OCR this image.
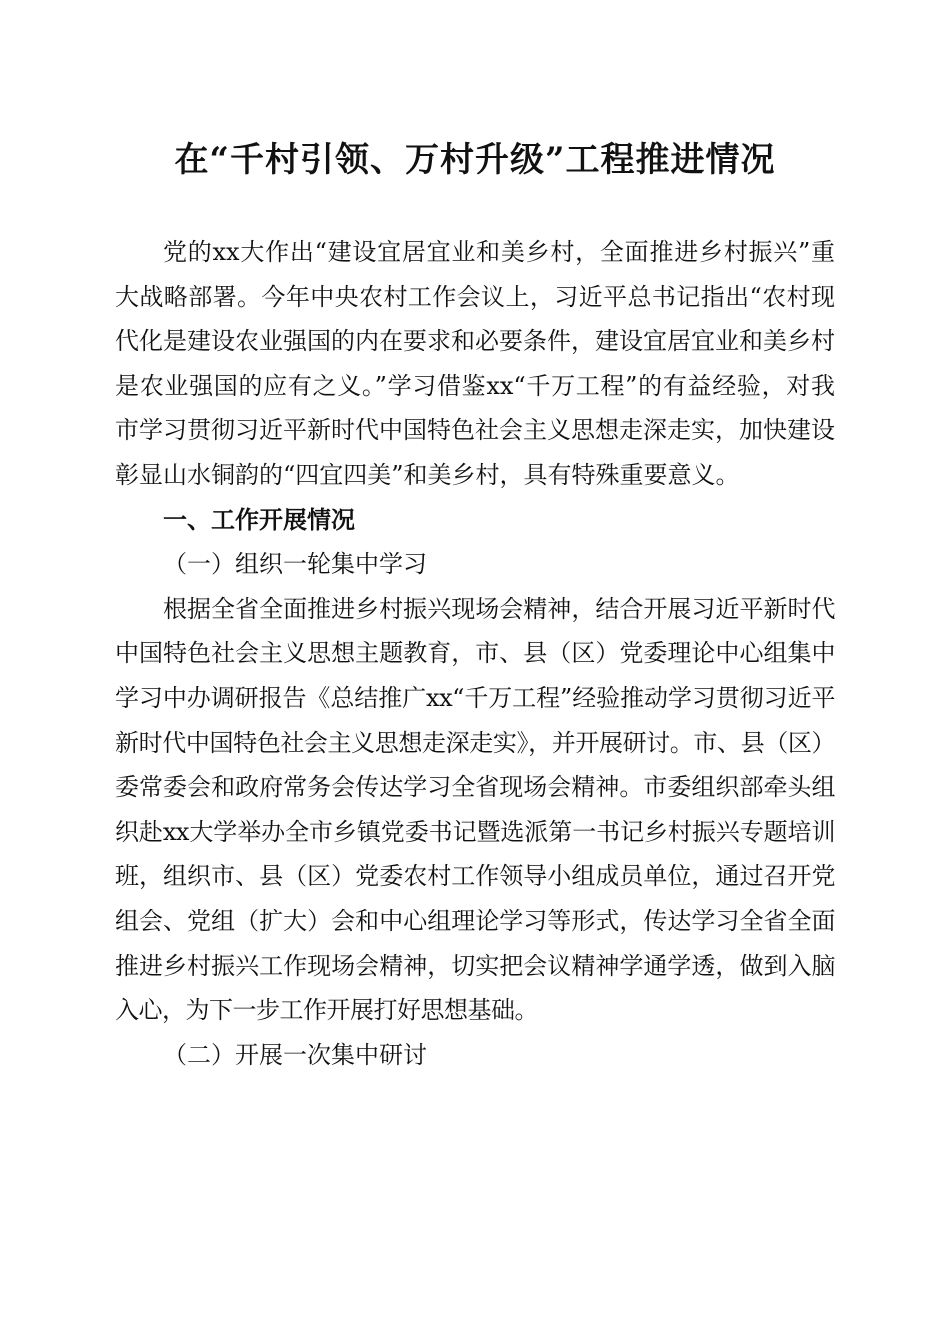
在“千村引领、万村升级”工程推进情况

党的xx大作出“建设宜居宜业和美乡村，全面推进乡村振兴”重大战略部署。今年中央农村工作会议上，习近平总书记指出“农村现代化是建设农业强国的内在要求和必要条件，建设宜居宜业和美乡村是农业强国的应有之义。”学习借鉴xx“千万工程”的有益经验，对我市学习贯彻习近平新时代中国特色社会主义思想走深走实，加快建设彰显山水铜韵的“四宜四美”和美乡村，具有特殊重要意义。

一、工作开展情况

（一）组织一轮集中学习

根据全省全面推进乡村振兴现场会精神，结合开展习近平新时代中国特色社会主义思想主题教育，市、县（区）党委理论中心组集中学习中办调研报告《总结推广xx“千万工程”经验推动学习贯彻习近平新时代中国特色社会主义思想走深走实》，并开展研讨。市、县（区）委常委会和政府常务会传达学习全省现场会精神。市委组织部牵头组织赴xx大学举办全市乡镇党委书记暨选派第一书记乡村振兴专题培训班，组织市、县（区）党委农村工作领导小组成员单位，通过召开党组会、党组（扩大）会和中心组理论学习等形式，传达学习全省全面推进乡村振兴工作现场会精神，切实把会议精神学通学透，做到入脑入心，为下一步工作开展打好思想基础。

（二）开展一次集中研讨
